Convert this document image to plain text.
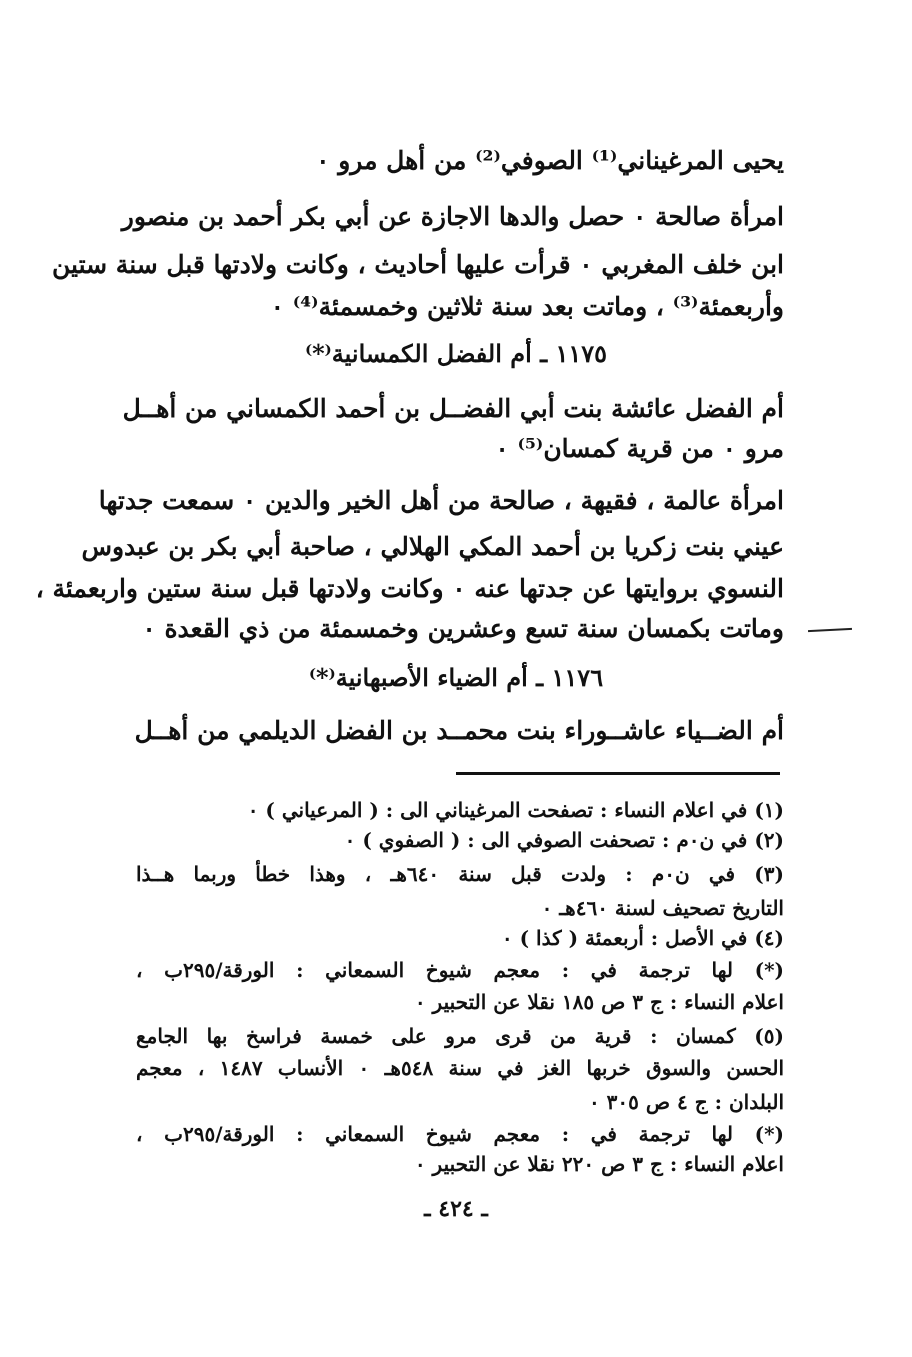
يحيى المرغيناني⁽¹⁾ الصوفي⁽²⁾ من أهل مرو ٠
امرأة صالحة ٠ حصل والدها الاجازة عن أبي بكر أحمد بن منصور
ابن خلف المغربي ٠ قرأت عليها أحاديث ، وكانت ولادتها قبل سنة ستين
وأربعمئة⁽³⁾ ، وماتت بعد سنة ثلاثين وخمسمئة⁽⁴⁾ ٠
١١٧٥ ـ أم الفضل الكمسانية⁽*⁾
أم الفضل عائشة بنت أبي الفضــل بن أحمد الكمساني من أهــل
مرو ٠ من قرية كمسان⁽⁵⁾ ٠
امرأة عالمة ، فقيهة ، صالحة من أهل الخير والدين ٠ سمعت جدتها
عيني بنت زكريا بن أحمد المكي الهلالي ، صاحبة أبي بكر بن عبدوس
النسوي بروايتها عن جدتها عنه ٠ وكانت ولادتها قبل سنة ستين واربعمئة ،
وماتت بكمسان سنة تسع وعشرين وخمسمئة من ذي القعدة ٠
١١٧٦ ـ أم الضياء الأصبهانية⁽*⁾
أم الضــياء عاشــوراء بنت محمــد بن الفضل الديلمي من أهــل
(١) في اعلام النساء : تصفحت المرغيناني الى : ( المرعياني ) ٠
(٢) في ن٠م : تصحفت الصوفي الى : ( الصفوي ) ٠
(٣) في ن٠م : ولدت قبل سنة ٦٤٠هـ ، وهذا خطأ وربما هــذا
التاريخ تصحيف لسنة ٤٦٠هـ ٠
(٤) في الأصل : أربعمئة ( كذا ) ٠
(*) لها ترجمة في : معجم شيوخ السمعاني : الورقة/٢٩٥ب ،
اعلام النساء : ج ٣ ص ١٨٥ نقلا عن التحبير ٠
(٥) كمسان : قرية من قرى مرو على خمسة فراسخ بها الجامع
الحسن والسوق خربها الغز في سنة ٥٤٨هـ ٠ الأنساب ١٤٨٧ ، معجم
البلدان : ج ٤ ص ٣٠٥ ٠
(*) لها ترجمة في : معجم شيوخ السمعاني : الورقة/٢٩٥ب ،
اعلام النساء : ج ٣ ص ٢٢٠ نقلا عن التحبير ٠
ـ ٤٢٤ ـ
